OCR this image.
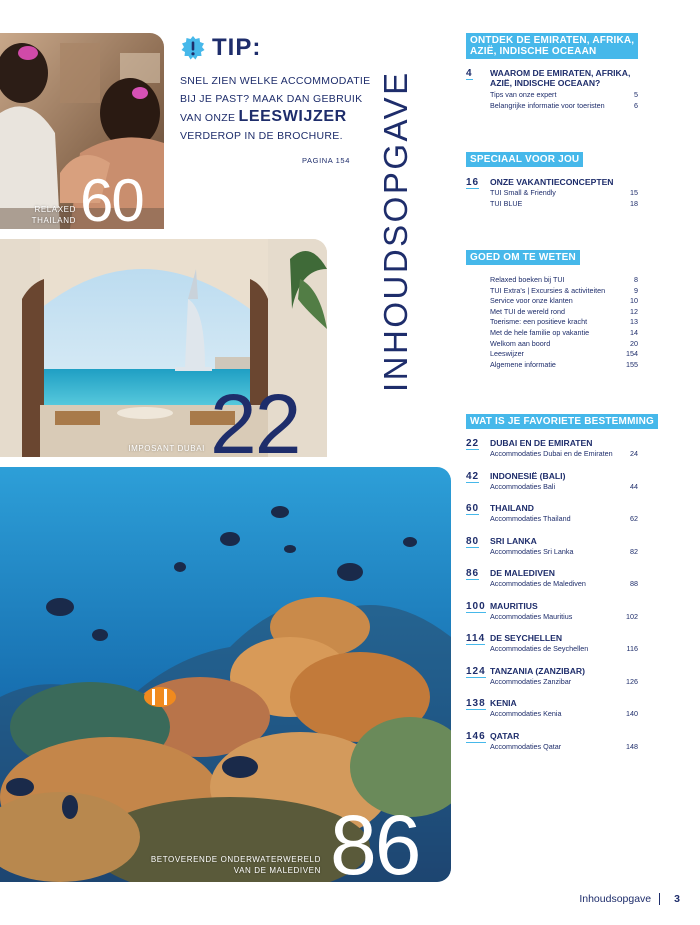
RELAXED
THAILAND 60
TIP:
SNEL ZIEN WELKE ACCOMMODATIE
BIJ JE PAST? MAAK DAN GEBRUIK
VAN ONZE LEESWIJZER
VERDEROP IN DE BROCHURE.
PAGINA 154
IMPOSANT DUBAI 22
BETOVERENDE ONDERWATERWERELD
VAN DE MALEDIVEN 86
INHOUDSOPGAVE
ONTDEK DE EMIRATEN, AFRIKA,
AZIË, INDISCHE OCEAAN
4 WAAROM DE EMIRATEN, AFRIKA,
AZIË, INDISCHE OCEAAN?
Tips van onze expert	5
Belangrijke informatie voor toeristen	6
SPECIAAL VOOR JOU
16 ONZE VAKANTIECONCEPTEN
TUI Small & Friendly	15
TUI BLUE	18
GOED OM TE WETEN
Relaxed boeken bij TUI	8
TUI Extra's | Excursies & activiteiten	9
Service voor onze klanten	10
Met TUI de wereld rond	12
Toerisme: een positieve kracht	13
Met de hele familie op vakantie	14
Welkom aan boord	20
Leeswijzer	154
Algemene informatie	155
WAT IS JE FAVORIETE BESTEMMING
22 DUBAI EN DE EMIRATEN
Accommodaties Dubai en de Emiraten 24
42 INDONESIË (BALI)
Accommodaties Bali	44
60 THAILAND
Accommodaties Thailand	62
80 SRI LANKA
Accommodaties Sri Lanka	82
86 DE MALEDIVEN
Accommodaties de Malediven	88
100 MAURITIUS
Accommodaties Mauritius	102
114 DE SEYCHELLEN
Accommodaties de Seychellen	116
124 TANZANIA (ZANZIBAR)
Accommodaties Zanzibar	126
138 KENIA
Accommodaties Kenia	140
146 QATAR
Accommodaties Qatar	148
Inhoudsopgave 3
